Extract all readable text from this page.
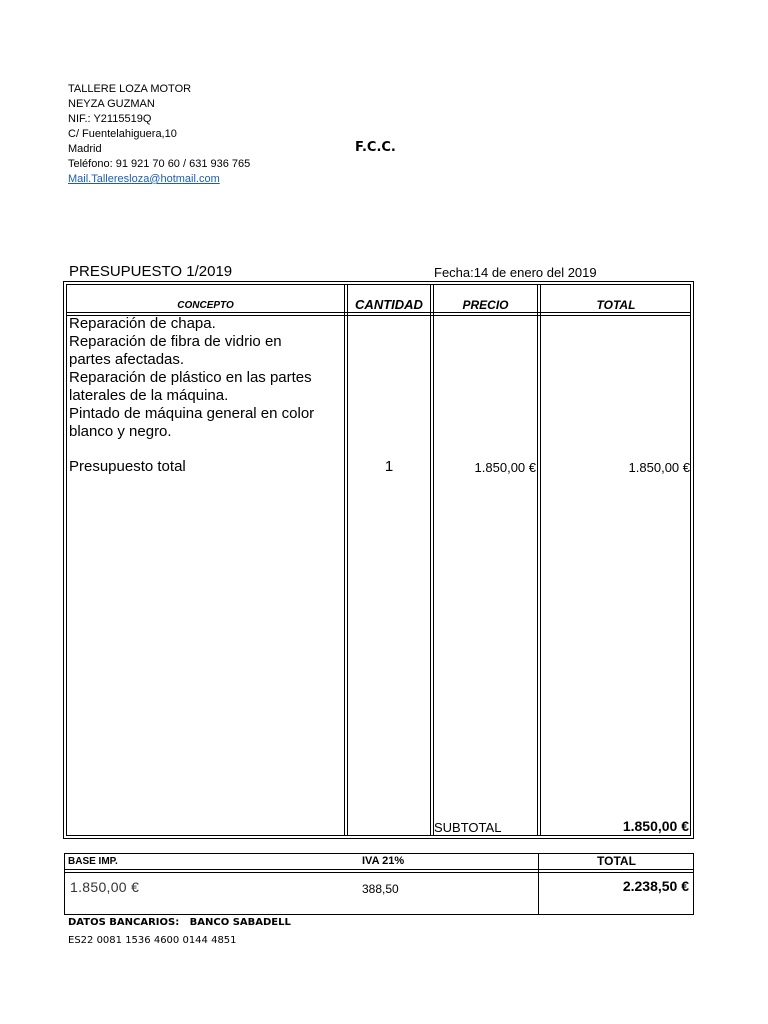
TALLERE LOZA MOTOR
NEYZA GUZMAN
NIF.: Y2115519Q
C/ Fuentelahiguera,10
Madrid
Teléfono: 91 921 70 60 / 631 936 765
Mail.Talleresloza@hotmail.com
F.C.C.
PRESUPUESTO 1/2019	Fecha:14 de enero del 2019
CONCEPTO	CANTIDAD	PRECIO	TOTAL
Reparación de chapa.
Reparación de fibra de vidrio en
partes afectadas.
Reparación de plástico en las partes
laterales de la máquina.
Pintado de máquina general en color
blanco y negro.
Presupuesto total	1	1.850,00 €	1.850,00 €
SUBTOTAL	1.850,00 €
BASE IMP.	IVA 21%	TOTAL
1.850,00 €	388,50	2.238,50 €
DATOS BANCARIOS:   BANCO SABADELL
ES22 0081 1536 4600 0144 4851
